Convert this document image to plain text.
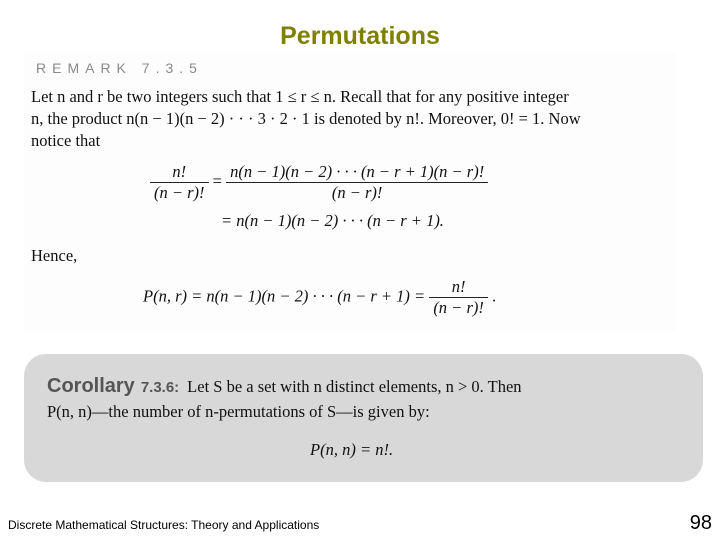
Permutations
REMARK 7.3.5
Let n and r be two integers such that 1 ≤ r ≤ n. Recall that for any positive integer
n, the product n(n − 1)(n − 2) · · · 3 · 2 · 1 is denoted by n!. Moreover, 0! = 1. Now
notice that
$\frac{n!}{(n - r)!} = \frac{n(n - 1)(n - 2) \cdot \cdot \cdot (n - r + 1)(n - r)!}{(n - r)!}$
= n(n − 1)(n − 2) · · · (n − r + 1).
Hence,
P(n, r) = n(n − 1)(n − 2) · · · $(n - r + 1) = \frac{n!}{(n - r)!}$ .
Corollary 7.3.6: Let S be a set with n distinct elements, n > 0. Then
P(n, n)—the number of n-permutations of S—is given by:
P(n, n) = n!.
Discrete Mathematical Structures: Theory and Applications	98
